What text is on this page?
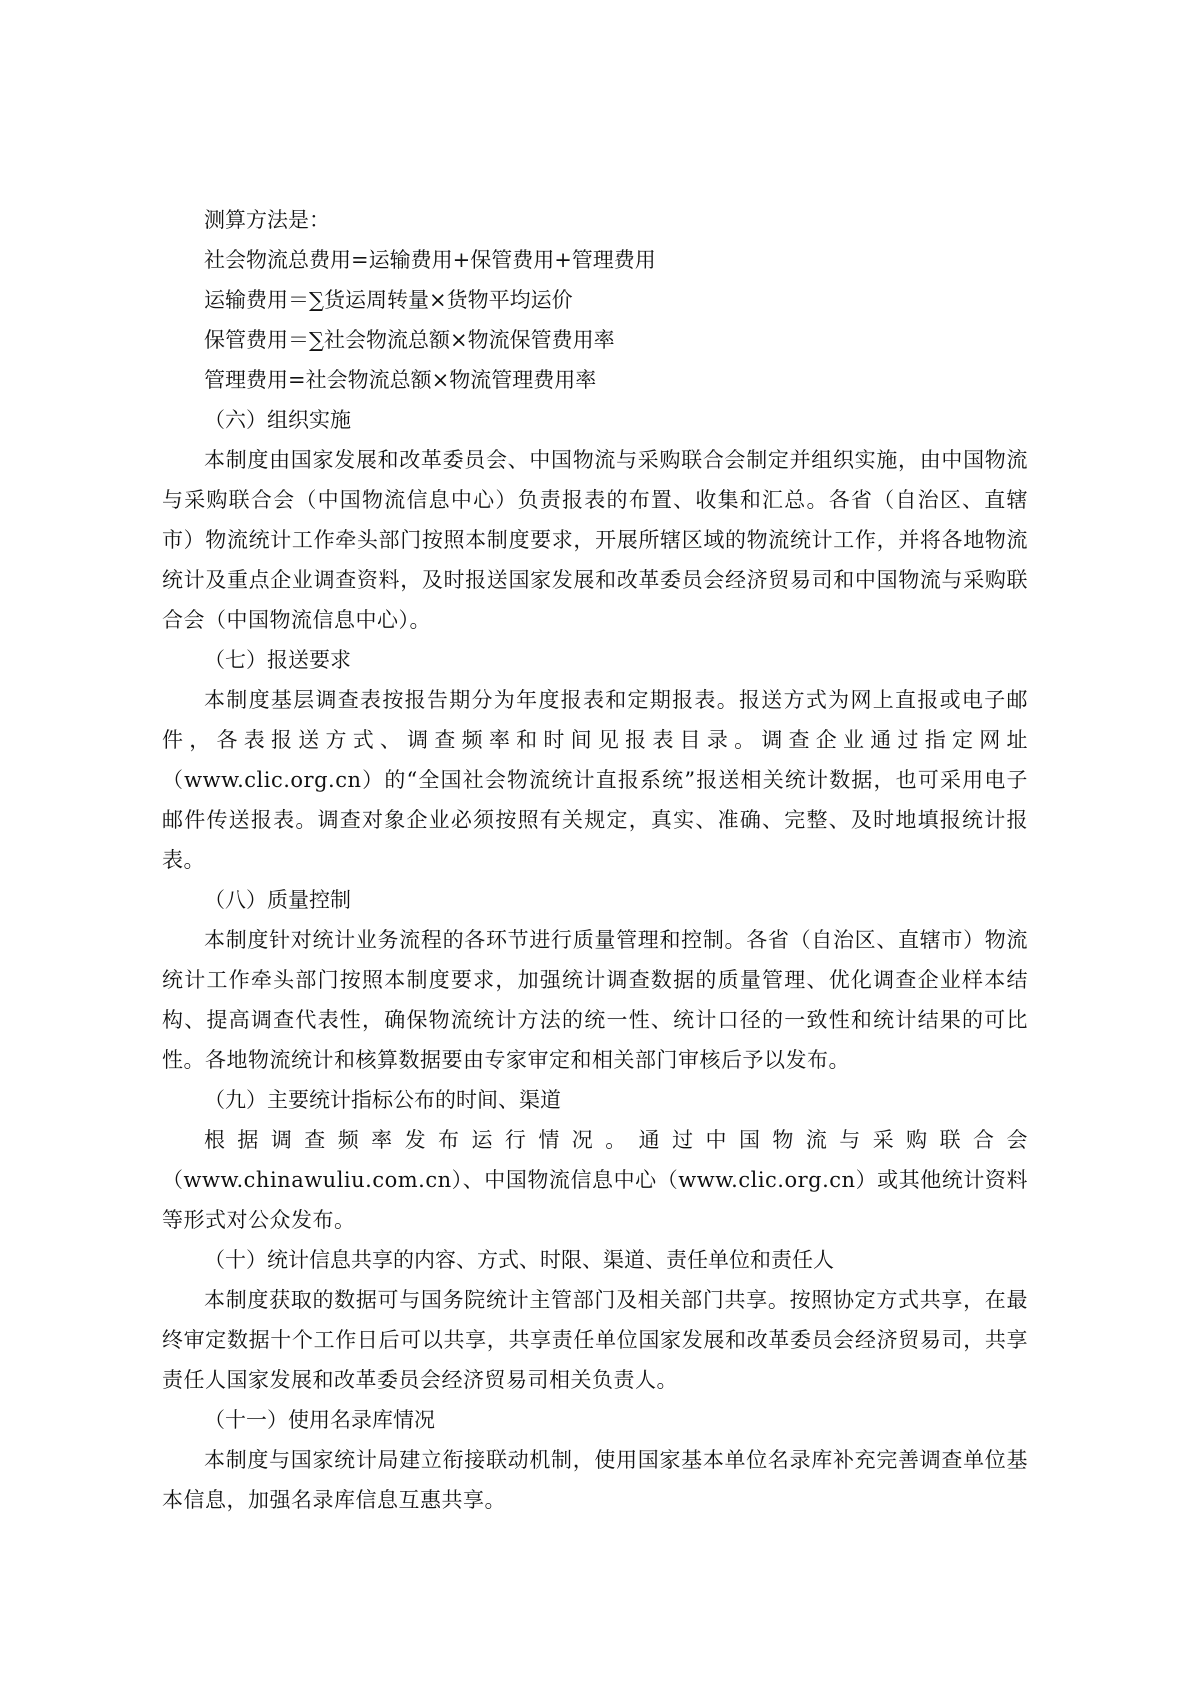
测算方法是：
社会物流总费用=运输费用+保管费用+管理费用
运输费用＝∑货运周转量×货物平均运价
保管费用＝∑社会物流总额×物流保管费用率
管理费用=社会物流总额×物流管理费用率

（六）组织实施

本制度由国家发展和改革委员会、中国物流与采购联合会制定并组织实施，由中国物流与采购联合会（中国物流信息中心）负责报表的布置、收集和汇总。各省（自治区、直辖市）物流统计工作牵头部门按照本制度要求，开展所辖区域的物流统计工作，并将各地物流统计及重点企业调查资料，及时报送国家发展和改革委员会经济贸易司和中国物流与采购联合会（中国物流信息中心）。

（七）报送要求

本制度基层调查表按报告期分为年度报表和定期报表。报送方式为网上直报或电子邮件，各表报送方式、调查频率和时间见报表目录。调查企业通过指定网址（www.clic.org.cn）的“全国社会物流统计直报系统”报送相关统计数据，也可采用电子邮件传送报表。调查对象企业必须按照有关规定，真实、准确、完整、及时地填报统计报表。

（八）质量控制

本制度针对统计业务流程的各环节进行质量管理和控制。各省（自治区、直辖市）物流统计工作牵头部门按照本制度要求，加强统计调查数据的质量管理、优化调查企业样本结构、提高调查代表性，确保物流统计方法的统一性、统计口径的一致性和统计结果的可比性。各地物流统计和核算数据要由专家审定和相关部门审核后予以发布。

（九）主要统计指标公布的时间、渠道

根据调查频率发布运行情况。通过中国物流与采购联合会（www.chinawuliu.com.cn）、中国物流信息中心（www.clic.org.cn）或其他统计资料等形式对公众发布。

（十）统计信息共享的内容、方式、时限、渠道、责任单位和责任人

本制度获取的数据可与国务院统计主管部门及相关部门共享。按照协定方式共享，在最终审定数据十个工作日后可以共享，共享责任单位国家发展和改革委员会经济贸易司，共享责任人国家发展和改革委员会经济贸易司相关负责人。

（十一）使用名录库情况

本制度与国家统计局建立衔接联动机制，使用国家基本单位名录库补充完善调查单位基本信息，加强名录库信息互惠共享。
